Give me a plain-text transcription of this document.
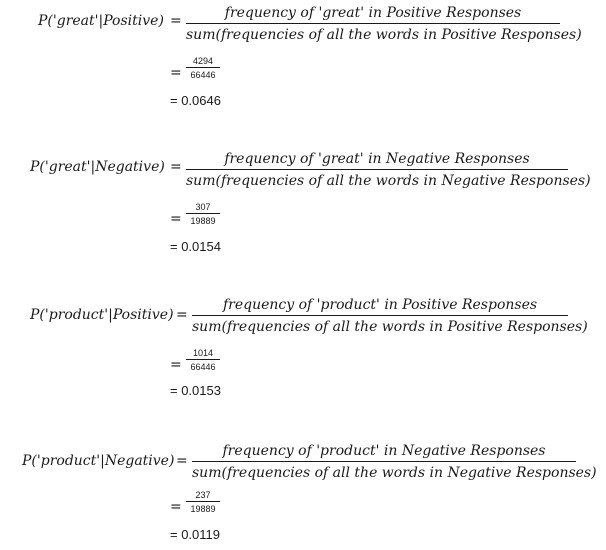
P('great'|Positive) =	frequency of 'great' in Positive Responses
sum(frequencies of all the words in Positive Responses)
=
4294
66446
= 0.0646
P('great'|Negative) =	frequency of 'great' in Negative Responses
sum(frequencies of all the words in Negative Responses)
=
307
19889
= 0.0154
P('product'|Positive) =
frequency of 'product' in Positive Responses
sum(frequencies of all the words in Positive Responses)
=
1014
66446
= 0.0153
P('product'|Negative) =
frequency of 'product' in Negative Responses
sum(frequencies of all the words in Negative Responses)
=
237
19889
= 0.0119
